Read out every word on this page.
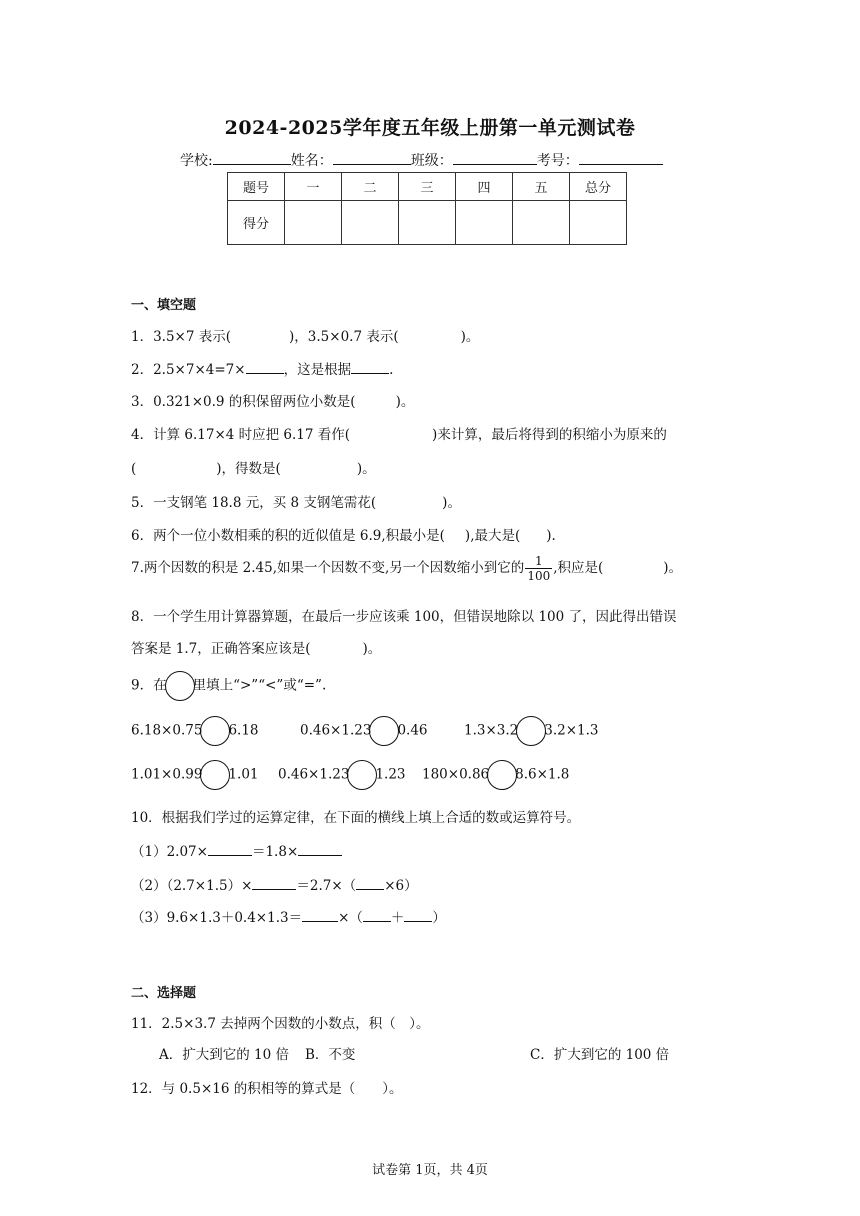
2024-2025学年度五年级上册第一单元测试卷
学校:	姓名：	班级：	考号：
题号	一	二	三	四	五	总分
得分						
一、填空题
1．3.5×7 表示(	)，3.5×0.7 表示(	)。
2．2.5×7×4=7×	，这是根据	.
3．0.321×0.9 的积保留两位小数是(	)。
4．计算 6.17×4 时应把 6.17 看作(	)来计算，最后将得到的积缩小为原来的
(	)，得数是(	)。
5．一支钢笔 18.8 元，买 8 支钢笔需花(	)。
6．两个一位小数相乘的积的近似值是 6.9,积最小是( ),最大是( ).
7.两个因数的积是 2.45,如果一个因数不变,另一个因数缩小到它的 $\frac{1}{100}$ ,积应是(	)。
8．一个学生用计算器算题，在最后一步应该乘 100，但错误地除以 100 了，因此得出错误
答案是 1.7，正确答案应该是(	)。
9．在 里填上“>”“<”或“=”.
6.18×0.75 6.18	0.46×1.23 0.46	1.3×3.2 3.2×1.3
1.01×0.99 1.01 0.46×1.23 1.23 180×0.86 8.6×1.8
10．根据我们学过的运算定律，在下面的横线上填上合适的数或运算符号。
（1）2.07×	＝1.8×
（2）（2.7×1.5）×	＝2.7×（ ×6）
（3）9.6×1.3＋0.4×1.3＝	×（ ＋ ）
二、选择题
11．2.5×3.7 去掉两个因数的小数点，积（　）。
A．扩大到它的 10 倍 B．不变	C．扩大到它的 100 倍
12．与 0.5×16 的积相等的算式是（　　）。
试卷第 1页，共 4页
